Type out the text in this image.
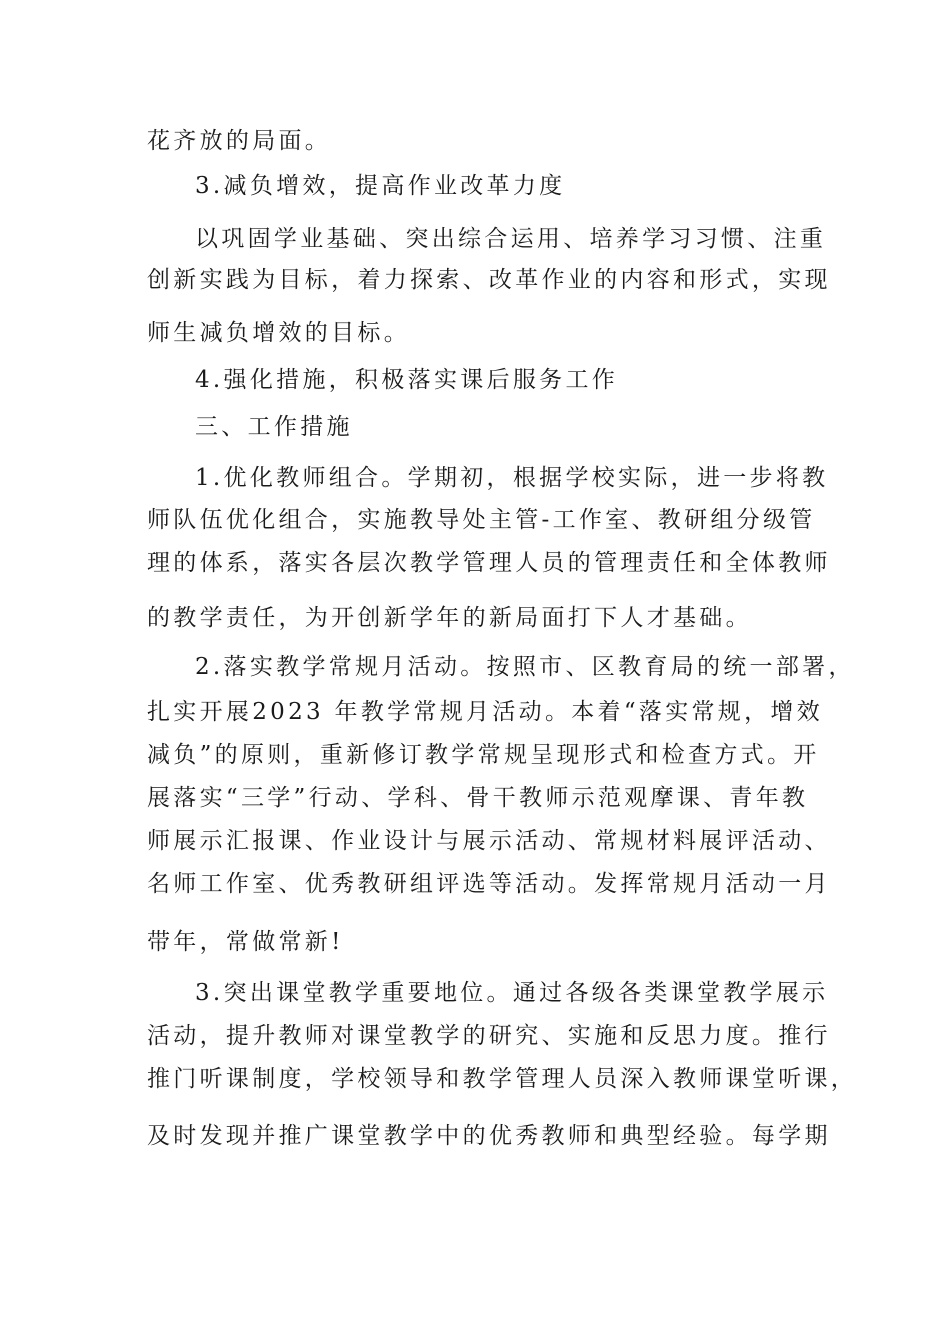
花齐放的局面。
3.减负增效，提高作业改革力度
以巩固学业基础、突出综合运用、培养学习习惯、注重
创新实践为目标，着力探索、改革作业的内容和形式，实现
师生减负增效的目标。
4.强化措施，积极落实课后服务工作
三、工作措施
1.优化教师组合。学期初，根据学校实际，进一步将教
师队伍优化组合，实施教导处主管-工作室、教研组分级管
理的体系，落实各层次教学管理人员的管理责任和全体教师
的教学责任，为开创新学年的新局面打下人才基础。
2.落实教学常规月活动。按照市、区教育局的统一部署，
扎实开展2023 年教学常规月活动。本着“落实常规，增效
减负”的原则，重新修订教学常规呈现形式和检查方式。开
展落实“三学”行动、学科、骨干教师示范观摩课、青年教
师展示汇报课、作业设计与展示活动、常规材料展评活动、
名师工作室、优秀教研组评选等活动。发挥常规月活动一月
带年，常做常新!
3.突出课堂教学重要地位。通过各级各类课堂教学展示
活动，提升教师对课堂教学的研究、实施和反思力度。推行
推门听课制度，学校领导和教学管理人员深入教师课堂听课，
及时发现并推广课堂教学中的优秀教师和典型经验。每学期
